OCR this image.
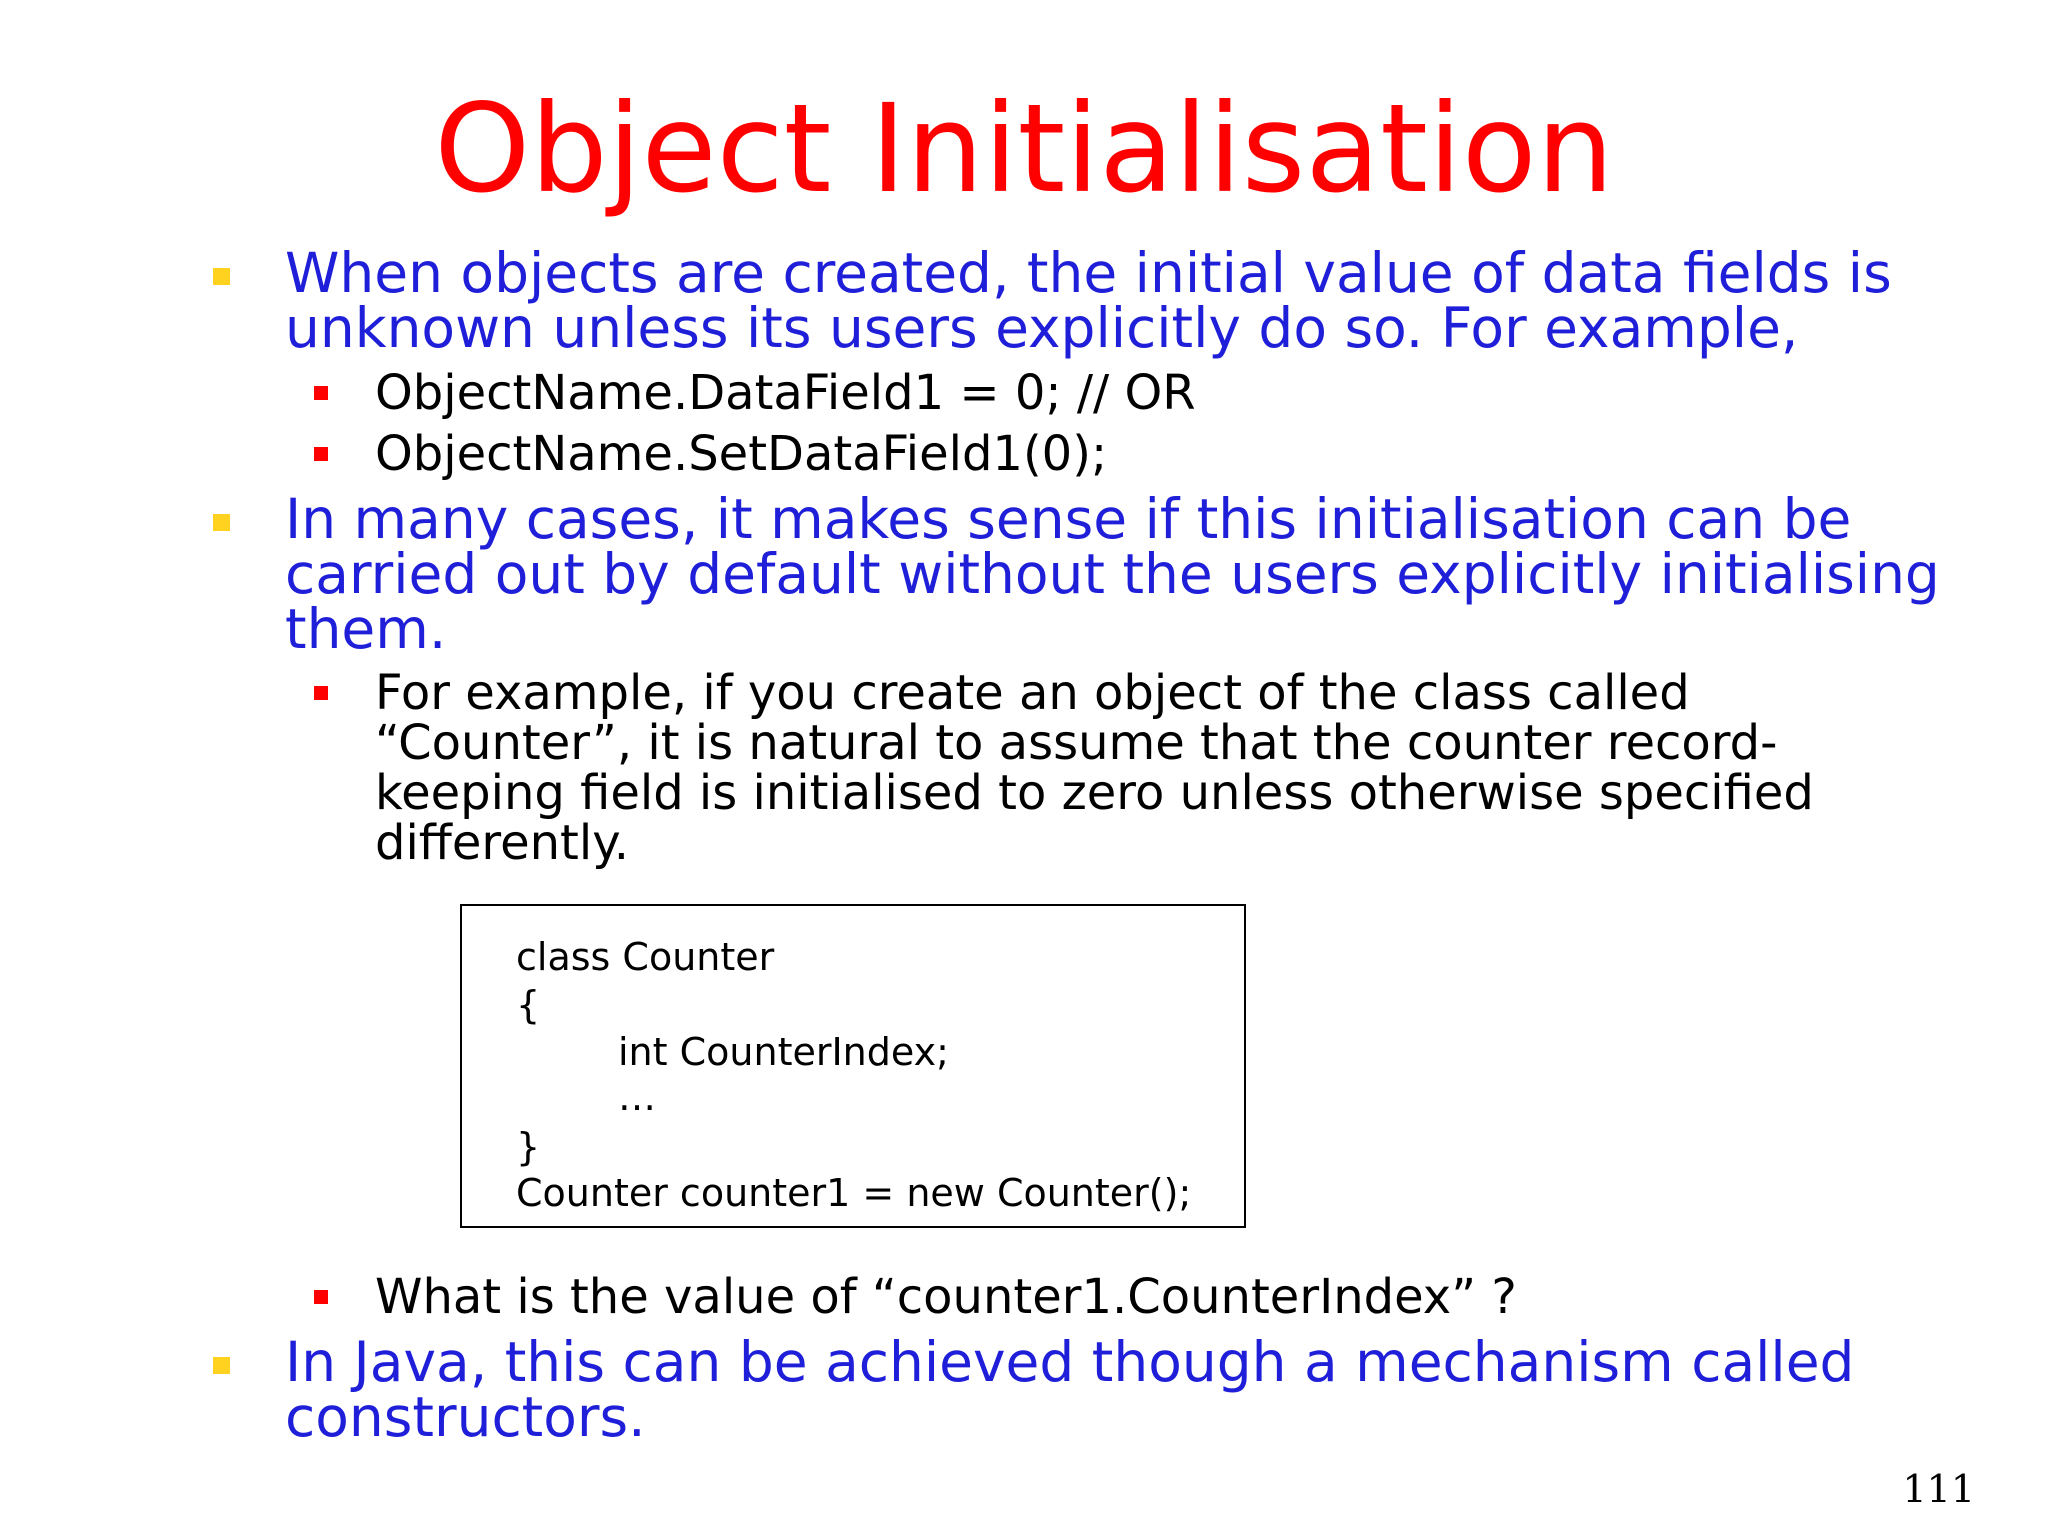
Object Initialisation
When objects are created, the initial value of data fields is
unknown unless its users explicitly do so. For example,
ObjectName.DataField1 = 0; // OR
ObjectName.SetDataField1(0);
In many cases, it makes sense if this initialisation can be
carried out by default without the users explicitly initialising
them.
For example, if you create an object of the class called
“Counter”, it is natural to assume that the counter record-
keeping field is initialised to zero unless otherwise specified
differently.
class Counter
{
int CounterIndex;
…
}
Counter counter1 = new Counter();
What is the value of “counter1.CounterIndex” ?
In Java, this can be achieved though a mechanism called
constructors.
111
